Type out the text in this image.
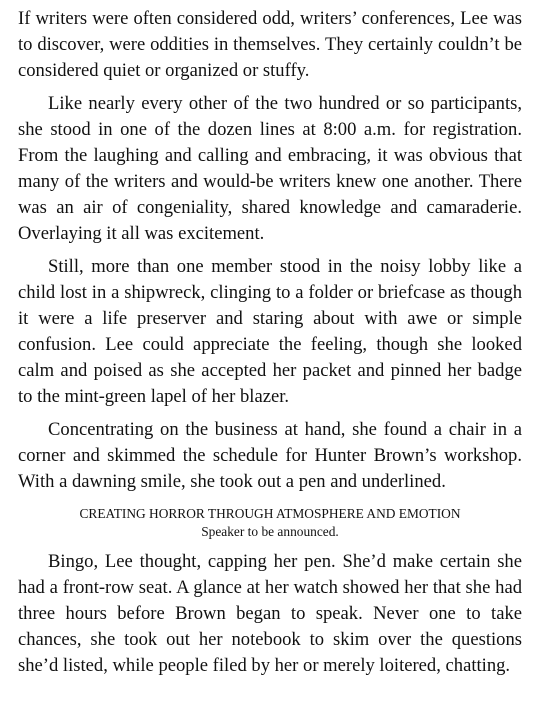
If writers were often considered odd, writers’ conferences, Lee was to discover, were oddities in themselves. They certainly couldn’t be considered quiet or organized or stuffy.

Like nearly every other of the two hundred or so participants, she stood in one of the dozen lines at 8:00 a.m. for registration. From the laughing and calling and embracing, it was obvious that many of the writers and would-be writers knew one another. There was an air of congeniality, shared knowledge and camaraderie. Overlaying it all was excitement.

Still, more than one member stood in the noisy lobby like a child lost in a shipwreck, clinging to a folder or briefcase as though it were a life preserver and staring about with awe or simple confusion. Lee could appreciate the feeling, though she looked calm and poised as she accepted her packet and pinned her badge to the mint-green lapel of her blazer.

Concentrating on the business at hand, she found a chair in a corner and skimmed the schedule for Hunter Brown’s workshop. With a dawning smile, she took out a pen and underlined.

CREATING HORROR THROUGH ATMOSPHERE AND EMOTION
Speaker to be announced.

Bingo, Lee thought, capping her pen. She’d make certain she had a front-row seat. A glance at her watch showed her that she had three hours before Brown began to speak. Never one to take chances, she took out her notebook to skim over the questions she’d listed, while people filed by her or merely loitered, chatting.
